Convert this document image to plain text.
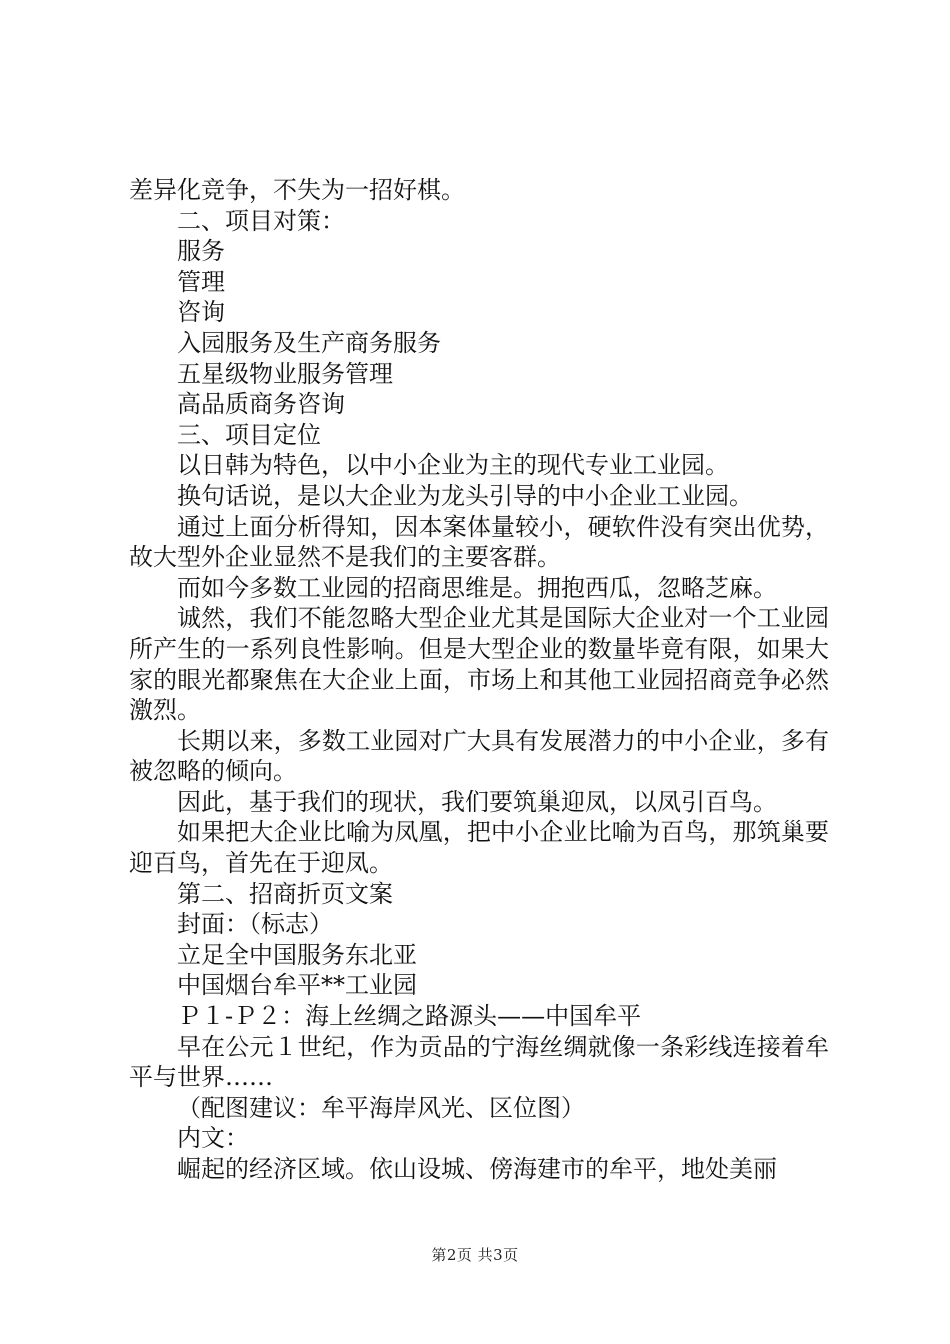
差异化竞争，不失为一招好棋。

二、项目对策：

服务

管理

咨询

入园服务及生产商务服务

五星级物业服务管理

高品质商务咨询

三、项目定位

以日韩为特色，以中小企业为主的现代专业工业园。

换句话说，是以大企业为龙头引导的中小企业工业园。

通过上面分析得知，因本案体量较小，硬软件没有突出优势，故大型外企业显然不是我们的主要客群。

而如今多数工业园的招商思维是。拥抱西瓜，忽略芝麻。

诚然，我们不能忽略大型企业尤其是国际大企业对一个工业园所产生的一系列良性影响。但是大型企业的数量毕竟有限，如果大家的眼光都聚焦在大企业上面，市场上和其他工业园招商竞争必然激烈。

长期以来，多数工业园对广大具有发展潜力的中小企业，多有被忽略的倾向。

因此，基于我们的现状，我们要筑巢迎凤，以凤引百鸟。

如果把大企业比喻为凤凰，把中小企业比喻为百鸟，那筑巢要迎百鸟，首先在于迎凤。

第二、招商折页文案

封面：（标志）

立足全中国服务东北亚

中国烟台牟平**工业园

Ｐ１-Ｐ２：海上丝绸之路源头——中国牟平

早在公元１世纪，作为贡品的宁海丝绸就像一条彩线连接着牟平与世界……

（配图建议：牟平海岸风光、区位图）

内文：

崛起的经济区域。依山设城、傍海建市的牟平，地处美丽

第2页 共3页
